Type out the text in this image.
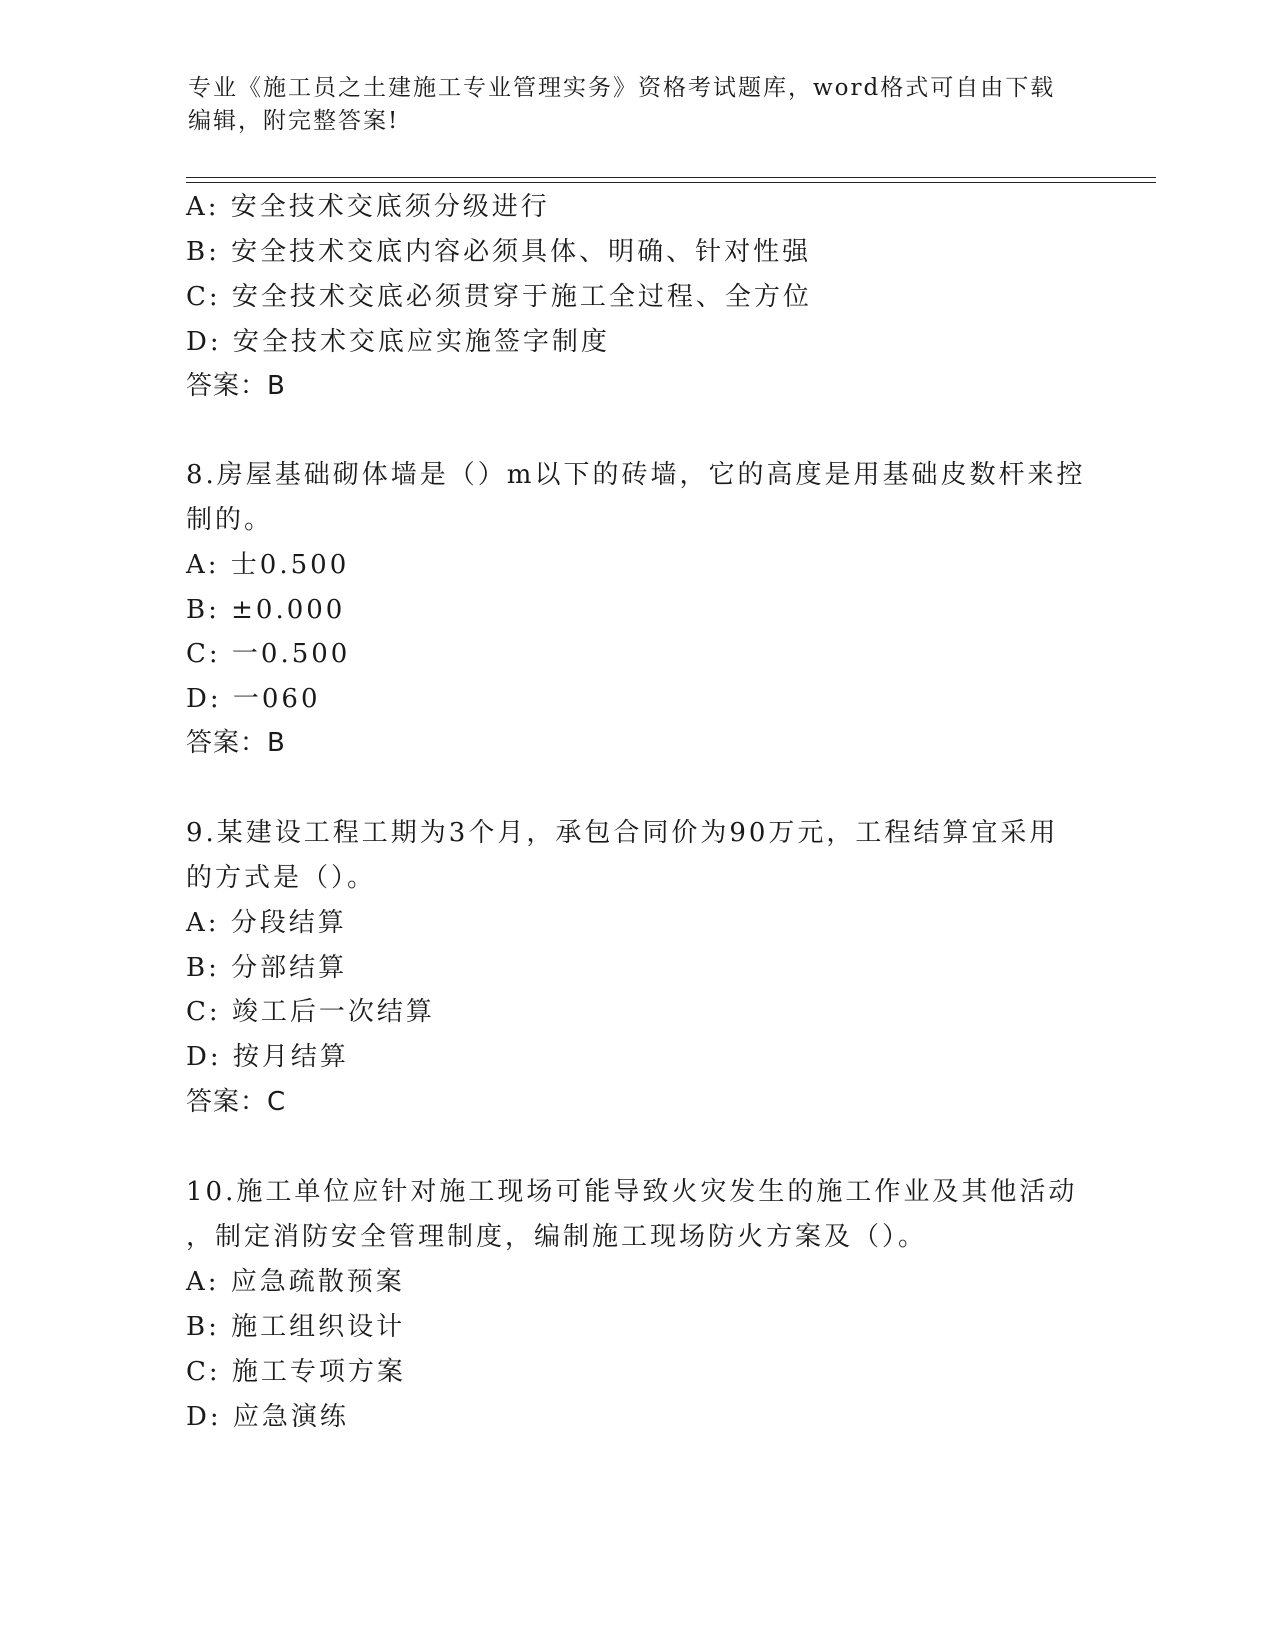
专业《施工员之土建施工专业管理实务》资格考试题库，word格式可自由下载编辑，附完整答案!
A: 安全技术交底须分级进行
B: 安全技术交底内容必须具体、明确、针对性强
C: 安全技术交底必须贯穿于施工全过程、全方位
D: 安全技术交底应实施签字制度
答案：B
8.房屋基础砌体墙是（）m以下的砖墙，它的高度是用基础皮数杆来控
制的。
A: 士0.500
B: ±0.000
C: 一0.500
D: 一060
答案：B
9.某建设工程工期为3个月，承包合同价为90万元，工程结算宜采用
的方式是（）。
A: 分段结算
B: 分部结算
C: 竣工后一次结算
D: 按月结算
答案：C
10.施工单位应针对施工现场可能导致火灾发生的施工作业及其他活动
，制定消防安全管理制度，编制施工现场防火方案及（）。
A: 应急疏散预案
B: 施工组织设计
C: 施工专项方案
D: 应急演练
